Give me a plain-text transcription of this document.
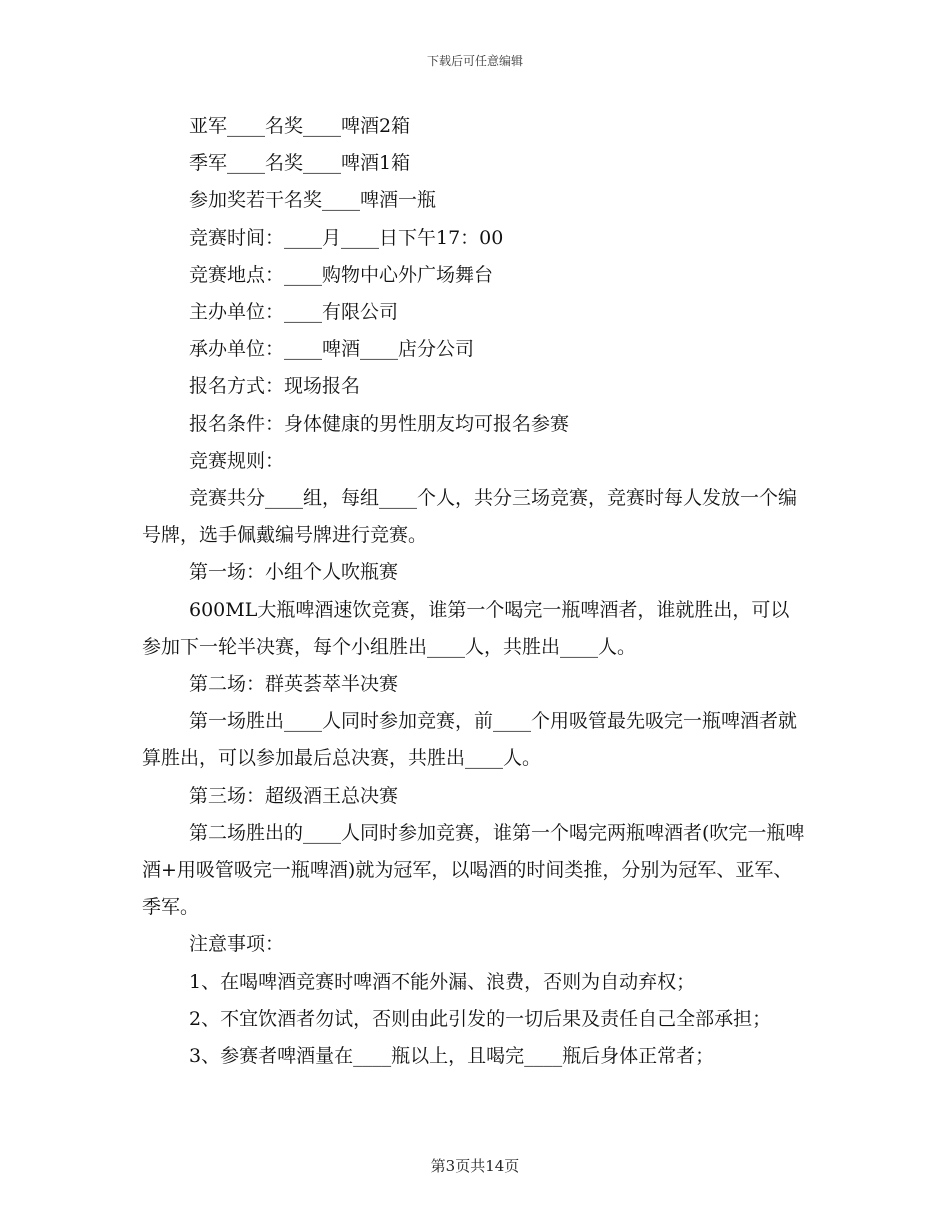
下载后可任意编辑

亚军____名奖____啤酒2箱

季军____名奖____啤酒1箱

参加奖若干名奖____啤酒一瓶

竞赛时间：____月____日下午17：00

竞赛地点：____购物中心外广场舞台

主办单位：____有限公司

承办单位：____啤酒____店分公司

报名方式：现场报名

报名条件：身体健康的男性朋友均可报名参赛

竞赛规则：

竞赛共分____组，每组____个人，共分三场竞赛，竞赛时每人发放一个编号牌，选手佩戴编号牌进行竞赛。

第一场：小组个人吹瓶赛

600ML大瓶啤酒速饮竞赛，谁第一个喝完一瓶啤酒者，谁就胜出，可以参加下一轮半决赛，每个小组胜出____人，共胜出____人。

第二场：群英荟萃半决赛

第一场胜出____人同时参加竞赛，前____个用吸管最先吸完一瓶啤酒者就算胜出，可以参加最后总决赛，共胜出____人。

第三场：超级酒王总决赛

第二场胜出的____人同时参加竞赛，谁第一个喝完两瓶啤酒者(吹完一瓶啤酒+用吸管吸完一瓶啤酒)就为冠军，以喝酒的时间类推，分别为冠军、亚军、季军。

注意事项：

1、在喝啤酒竞赛时啤酒不能外漏、浪费，否则为自动弃权；

2、不宜饮酒者勿试，否则由此引发的一切后果及责任自己全部承担；

3、参赛者啤酒量在____瓶以上，且喝完____瓶后身体正常者；

第3页共14页
